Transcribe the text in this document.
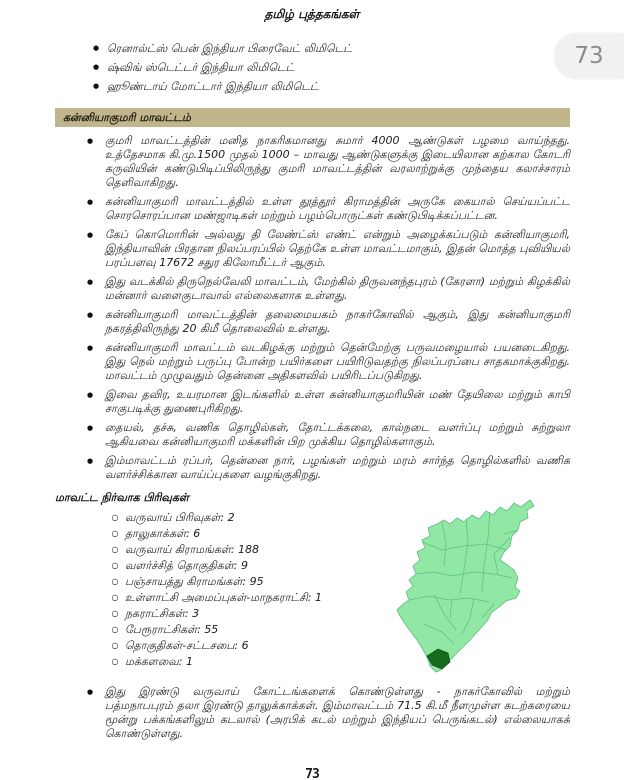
தமிழ் புத்தகங்கள்
73
●
ரெனால்ட்ஸ் பென் இந்தியா பிரைவேட் லிமிடெட்
●
ஷ்விங் ஸ்டெட்டர் இந்தியா லிமிடெட்
●
ஹூண்டாய் மோட்டார் இந்தியா லிமிடெட்
கன்னியாகுமரி மாவட்டம்
●
குமரி மாவட்டத்தின் மனித நாகரிகமானது சுமார் 4000 ஆண்டுகள் பழமை வாய்ந்தது. உத்தேசமாக கி.மு.1500 முதல் 1000 – மாவது ஆண்டுகளுக்கு இடையிலான கற்கால கோடரி கருவியின் கண்டுபிடிப்பிலிருந்து குமரி மாவட்டத்தின் வரலாற்றுக்கு முந்தைய கலாச்சாரம் தெளிவாகிறது.
●
கன்னியாகுமரி மாவட்டத்தில் உள்ள தூத்தூர் கிராமத்தின் அருகே கையால் செய்யப்பட்ட சொரசொரப்பான மண்ஜாடிகள் மற்றும் பழம்பொருட்கள் கண்டுபிடிக்கப்பட்டன.
●
கேப் கொமொரின் அல்லது தி லேண்ட்ஸ் எண்ட் என்றும் அழைக்கப்படும் கன்னியாகுமரி, இந்தியாவின் பிரதான நிலப்பரப்பில் தெற்கே உள்ள மாவட்டமாகும், இதன் மொத்த புவியியல் பரப்பளவு 17672 சதுர கிலோமீட்டர் ஆகும்.
●
இது வடக்கில் திருநெல்வேலி மாவட்டம், மேற்கில் திருவனந்தபுரம் (கேரளா) மற்றும் கிழக்கில் மன்னார் வளைகுடாவால் எல்லைகளாக உள்ளது.
●
கன்னியாகுமரி மாவட்டத்தின் தலைமையகம் நாகர்கோவில் ஆகும், இது கன்னியாகுமரி நகரத்திலிருந்து 20 கிமீ தொலைவில் உள்ளது.
●
கன்னியாகுமரி மாவட்டம் வடகிழக்கு மற்றும் தென்மேற்கு பருவமழையால் பயனடைகிறது. இது நெல் மற்றும் பருப்பு போன்ற பயிர்களை பயிரிடுவதற்கு நிலப்பரப்பை சாதகமாக்குகிறது. மாவட்டம் முழுவதும் தென்னை அதிகளவில் பயிரிடப்படுகிறது.
●
இவை தவிர, உயரமான இடங்களில் உள்ள கன்னியாகுமரியின் மண் தேயிலை மற்றும் காபி சாகுபடிக்கு துணைபுரிகிறது.
●
தையல், தச்சு, வணிக தொழில்கள், தோட்டக்கலை, கால்நடை வளர்ப்பு மற்றும் சுற்றுலா ஆகியவை கன்னியாகுமரி மக்களின் பிற முக்கிய தொழில்களாகும்.
●
இம்மாவட்டம் ரப்பர், தென்னை நார், பழங்கள் மற்றும் மரம் சார்ந்த தொழில்களில் வணிக வளர்ச்சிக்கான வாய்ப்புகளை வழங்குகிறது.
மாவட்ட நிர்வாக பிரிவுகள்
○
வருவாய் பிரிவுகள்: 2
○
தாலுகாக்கள்: 6
○
வருவாய் கிராமங்கள்: 188
○
வளர்ச்சித் தொகுதிகள்: 9
○
பஞ்சாயத்து கிராமங்கள்: 95
○
உள்ளாட்சி அமைப்புகள்-மாநகராட்சி: 1
○
நகராட்சிகள்: 3
○
பேரூராட்சிகள்: 55
○
தொகுதிகள்-சட்டசபை: 6
○
மக்களவை: 1
●
இது இரண்டு வருவாய் கோட்டங்களைக் கொண்டுள்ளது - நாகர்கோவில் மற்றும் பத்மநாபபுரம் தலா இரண்டு தாலுக்காக்கள். இம்மாவட்டம் 71.5 கி.மீ நீளமுள்ள கடற்கரையை மூன்று பக்கங்களிலும் கடலால் (அரபிக் கடல் மற்றும் இந்தியப் பெருங்கடல்) எல்லையாகக் கொண்டுள்ளது.
73
